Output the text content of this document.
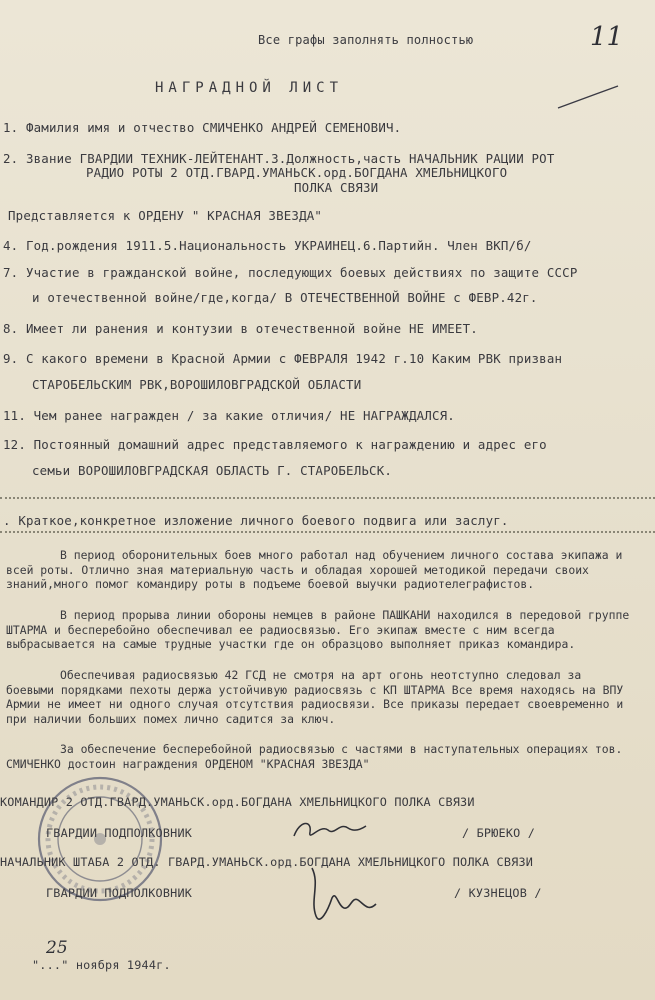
Все графы заполнять полностью	11
НАГРАДНОЙ ЛИСТ
1. Фамилия имя и отчество СМИЧЕНКО АНДРЕЙ СЕМЕНОВИЧ.
2. Звание ГВАРДИИ ТЕХНИК-ЛЕЙТЕНАНТ.3.Должность,часть НАЧАЛЬНИК РАЦИИ РОТ
РАДИО РОТЫ 2 ОТД.ГВАРД.УМАНЬСК.орд.БОГДАНА ХМЕЛЬНИЦКОГО
ПОЛКА СВЯЗИ
Представляется к ОРДЕНУ " КРАСНАЯ ЗВЕЗДА"
4. Год.рождения 1911.5.Национальность УКРАИНЕЦ.6.Партийн. Член ВКП/б/
7. Участие в гражданской войне, последующих боевых действиях по защите СССР
и отечественной войне/где,когда/ В ОТЕЧЕСТВЕННОЙ ВОЙНЕ с ФЕВР.42г.
8. Имеет ли ранения и контузии в отечественной войне НЕ ИМЕЕТ.
9. С какого времени в Красной Армии с ФЕВРАЛЯ 1942 г.10 Каким РВК призван
СТАРОБЕЛЬСКИМ РВК,ВОРОШИЛОВГРАДСКОЙ ОБЛАСТИ
11. Чем ранее награжден / за какие отличия/ НЕ НАГРАЖДАЛСЯ.
12. Постоянный домашний адрес представляемого к награждению и адрес его
семьи ВОРОШИЛОВГРАДСКАЯ ОБЛАСТЬ Г. СТАРОБЕЛЬСК.
. Краткое,конкретное изложение личного боевого подвига или заслуг.
В период оборонительных боев много работал над обучением личного состава экипажа и всей роты. Отлично зная материальную часть и обладая хорошей методикой передачи своих знаний,много помог командиру роты в подъеме боевой выучки радиотелеграфистов.
В период прорыва линии обороны немцев в районе ПАШКАНИ находился в передовой группе ШТАРМА и бесперебойно обеспечивал ее радиосвязью. Его экипаж вместе с ним всегда выбрасывается на самые трудные участки где он образцово выполняет приказ командира.
Обеспечивая радиосвязью 42 ГСД не смотря на арт огонь неотступно следовал за боевыми порядками пехоты держа устойчивую радиосвязь с КП ШТАРМА Все время находясь на ВПУ Армии не имеет ни одного случая отсутствия радиосвязи. Все приказы передает своевременно и при наличии больших помех лично садится за ключ.
За обеспечение бесперебойной радиосвязью с частями в наступательных операциях тов. СМИЧЕНКО достоин награждения ОРДЕНОМ "КРАСНАЯ ЗВЕЗДА"
КОМАНДИР 2 ОТД.ГВАРД.УМАНЬСК.орд.БОГДАНА ХМЕЛЬНИЦКОГО ПОЛКА СВЯЗИ
ГВАРДИИ ПОДПОЛКОВНИК	/ БРЮЕКО /
НАЧАЛЬНИК ШТАБА 2 ОТД. ГВАРД.УМАНЬСК.орд.БОГДАНА ХМЕЛЬНИЦКОГО ПОЛКА СВЯЗИ
ГВАРДИИ ПОДПОЛКОВНИК	/ КУЗНЕЦОВ /
25
"..." ноября 1944г.
